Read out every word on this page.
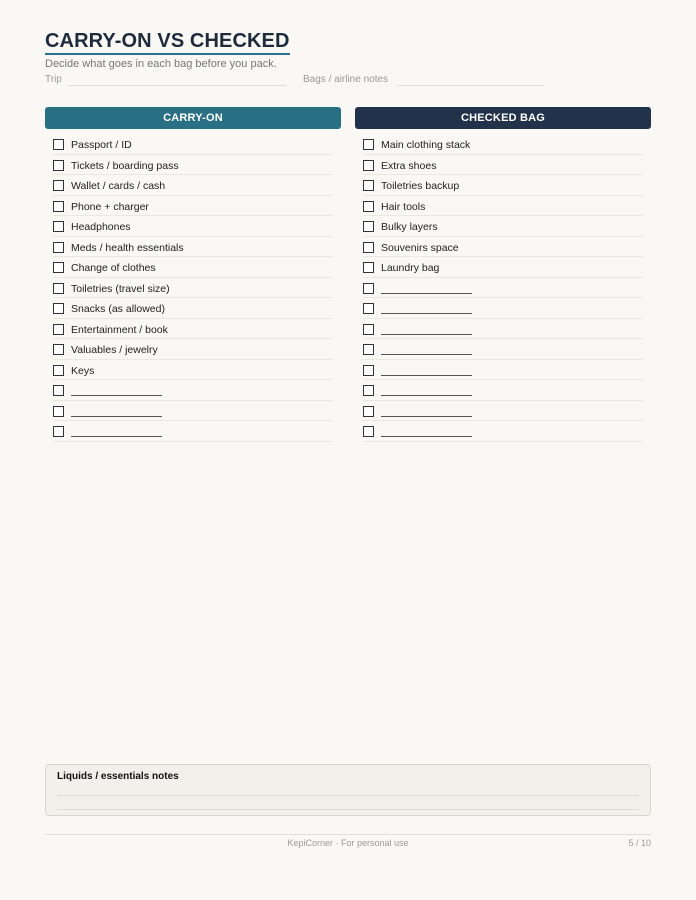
CARRY-ON VS CHECKED
Decide what goes in each bag before you pack.
Trip	Bags / airline notes
CARRY-ON
Passport / ID
Tickets / boarding pass
Wallet / cards / cash
Phone + charger
Headphones
Meds / health essentials
Change of clothes
Toiletries (travel size)
Snacks (as allowed)
Entertainment / book
Valuables / jewelry
Keys
CHECKED BAG
Main clothing stack
Extra shoes
Toiletries backup
Hair tools
Bulky layers
Souvenirs space
Laundry bag
Liquids / essentials notes
KepiCorner · For personal use	5 / 10
